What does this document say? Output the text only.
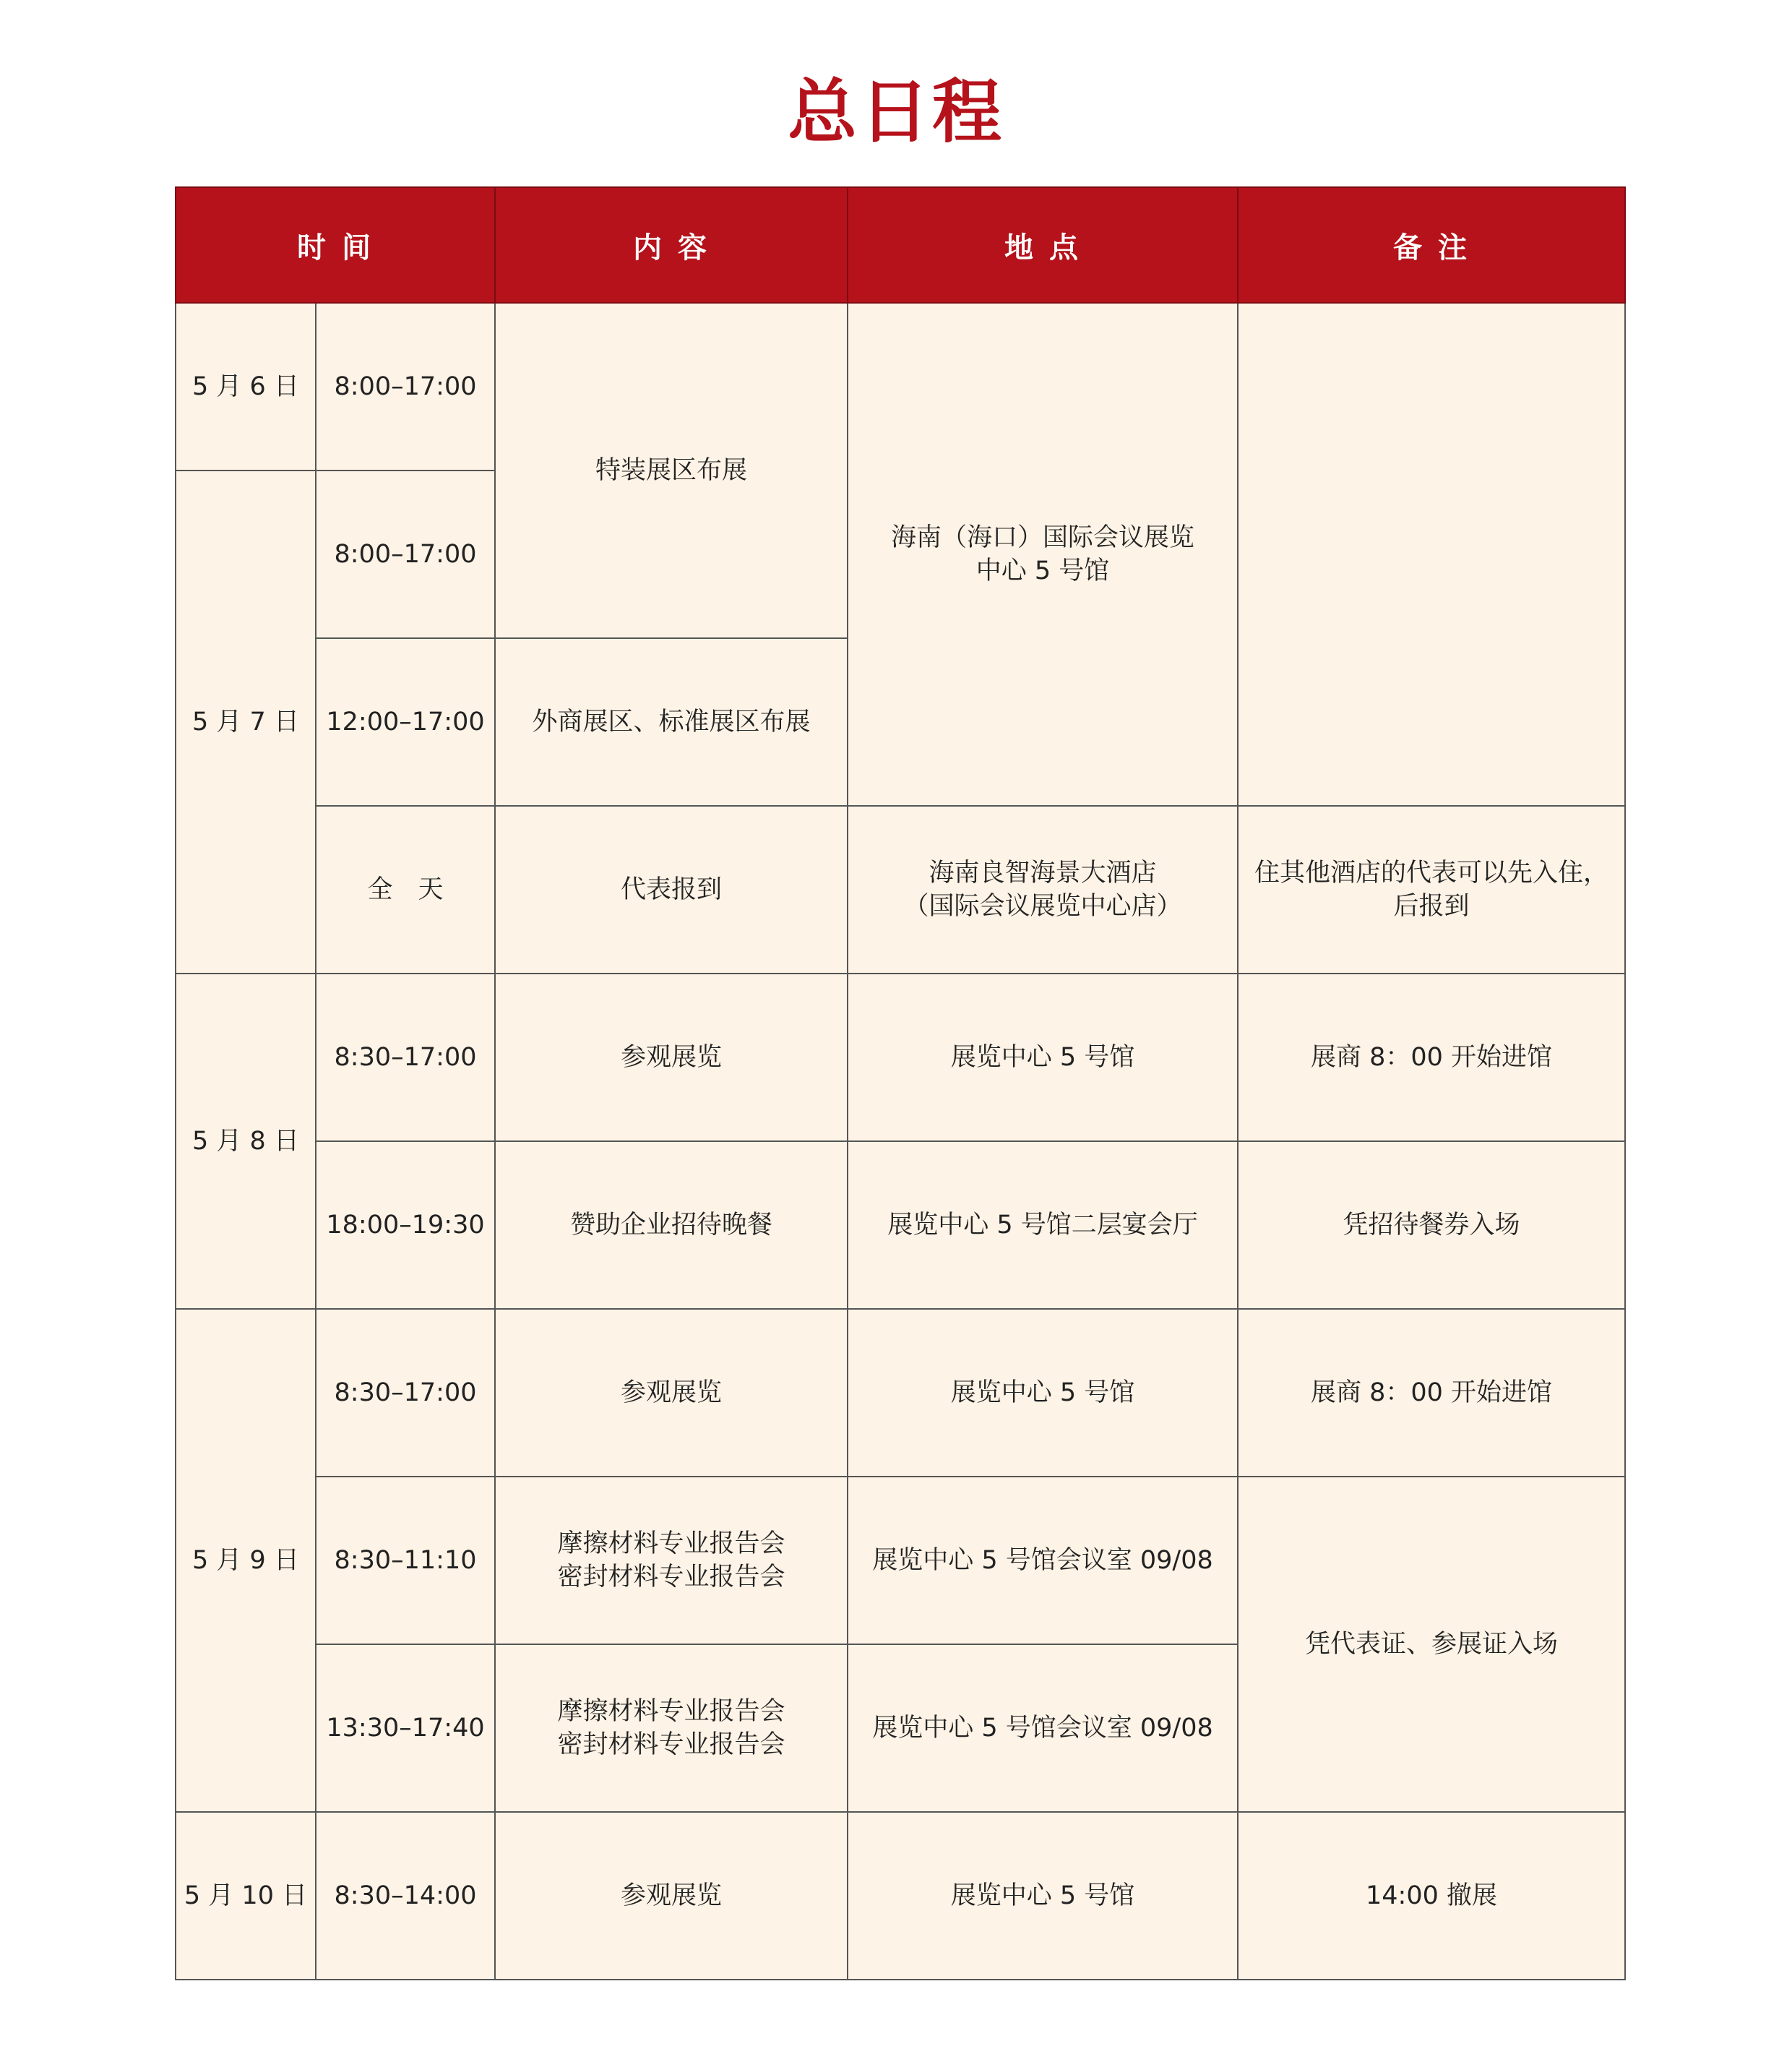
总日程
时 间		内 容	地 点	备 注
5 月 6 日	8:00–17:00	特装展区布展	海南（海口）国际会议展览
中心 5 号馆	
5 月 7 日	8:00–17:00			
	12:00–17:00	外商展区、标准展区布展		
	全　天	代表报到	海南良智海景大酒店
（国际会议展览中心店）	住其他酒店的代表可以先入住，
后报到
5 月 8 日	8:30–17:00	参观展览	展览中心 5 号馆	展商 8：00 开始进馆
	18:00–19:30	赞助企业招待晚餐	展览中心 5 号馆二层宴会厅	凭招待餐券入场
5 月 9 日	8:30–17:00	参观展览	展览中心 5 号馆	展商 8：00 开始进馆
	8:30–11:10	摩擦材料专业报告会
密封材料专业报告会	展览中心 5 号馆会议室 09/08	凭代表证、参展证入场
	13:30–17:40	摩擦材料专业报告会
密封材料专业报告会	展览中心 5 号馆会议室 09/08	
5 月 10 日	8:30–14:00	参观展览	展览中心 5 号馆	14:00 撤展
